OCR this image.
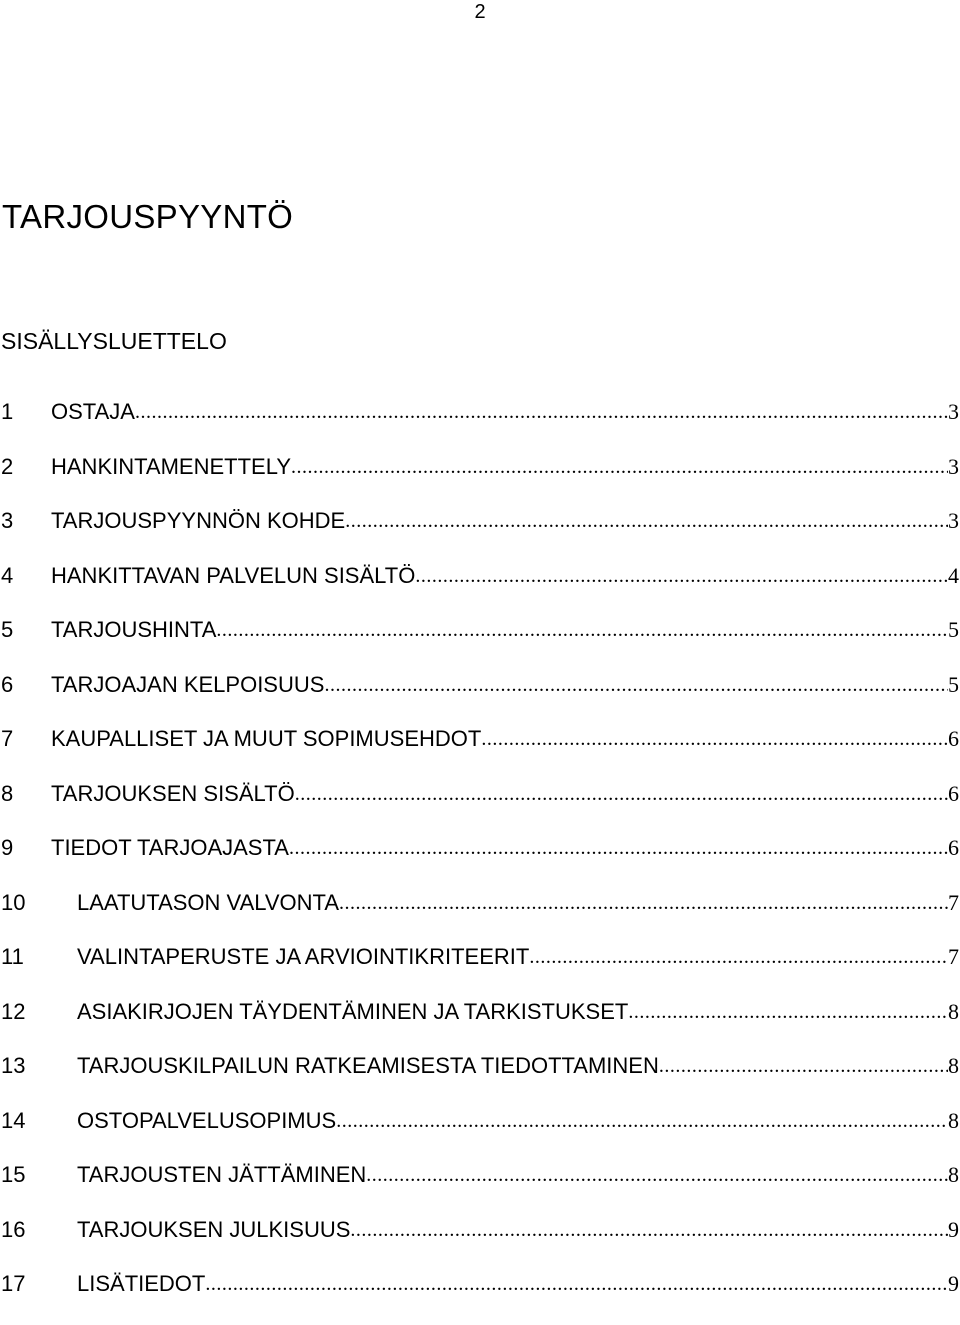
2
TARJOUSPYYNTÖ
SISÄLLYSLUETTELO
1	OSTAJA .....	3
2	HANKINTAMENETTELY .....	3
3	TARJOUSPYYNNÖN KOHDE .....	3
4	HANKITTAVAN PALVELUN SISÄLTÖ .....	4
5	TARJOUSHINTA .....	5
6	TARJOAJAN KELPOISUUS .....	5
7	KAUPALLISET JA MUUT SOPIMUSEHDOT .....	6
8	TARJOUKSEN SISÄLTÖ .....	6
9	TIEDOT TARJOAJASTA .....	6
10	LAATUTASON VALVONTA .....	7
11	VALINTAPERUSTE JA ARVIOINTIKRITEERIT .....	7
12	ASIAKIRJOJEN TÄYDENTÄMINEN JA TARKISTUKSET .....	8
13	TARJOUSKILPAILUN RATKEAMISESTA TIEDOTTAMINEN .....	8
14	OSTOPALVELUSOPIMUS .....	8
15	TARJOUSTEN JÄTTÄMINEN .....	8
16	TARJOUKSEN JULKISUUS .....	9
17	LISÄTIEDOT .....	9
